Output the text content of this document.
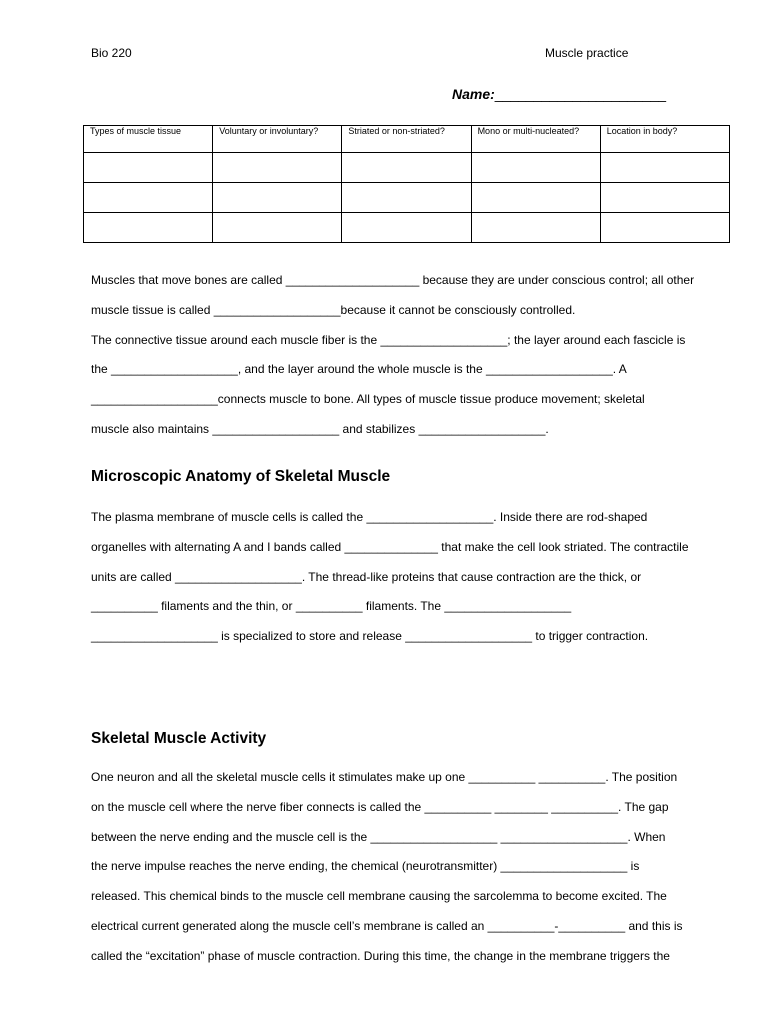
Bio 220	Muscle practice
Name:______________________
Types of muscle tissue	Voluntary or involuntary?	Striated or non-striated?	Mono or multi-nucleated?	Location in body?

Muscles that move bones are called ____________________ because they are under conscious control; all other
muscle tissue is called ___________________because it cannot be consciously controlled.
The connective tissue around each muscle fiber is the ___________________; the layer around each fascicle is
the ___________________, and the layer around the whole muscle is the ___________________. A
___________________connects muscle to bone. All types of muscle tissue produce movement; skeletal
muscle also maintains ___________________ and stabilizes ___________________.
Microscopic Anatomy of Skeletal Muscle
The plasma membrane of muscle cells is called the ___________________. Inside there are rod-shaped
organelles with alternating A and I bands called ______________ that make the cell look striated. The contractile
units are called ___________________. The thread-like proteins that cause contraction are the thick, or
__________ filaments and the thin, or __________ filaments. The ___________________
___________________ is specialized to store and release ___________________ to trigger contraction.
Skeletal Muscle Activity
One neuron and all the skeletal muscle cells it stimulates make up one __________ __________. The position
on the muscle cell where the nerve fiber connects is called the __________ ________ __________. The gap
between the nerve ending and the muscle cell is the ___________________ ___________________. When
the nerve impulse reaches the nerve ending, the chemical (neurotransmitter) ___________________ is
released. This chemical binds to the muscle cell membrane causing the sarcolemma to become excited. The
electrical current generated along the muscle cell’s membrane is called an __________-__________ and this is
called the “excitation” phase of muscle contraction. During this time, the change in the membrane triggers the
